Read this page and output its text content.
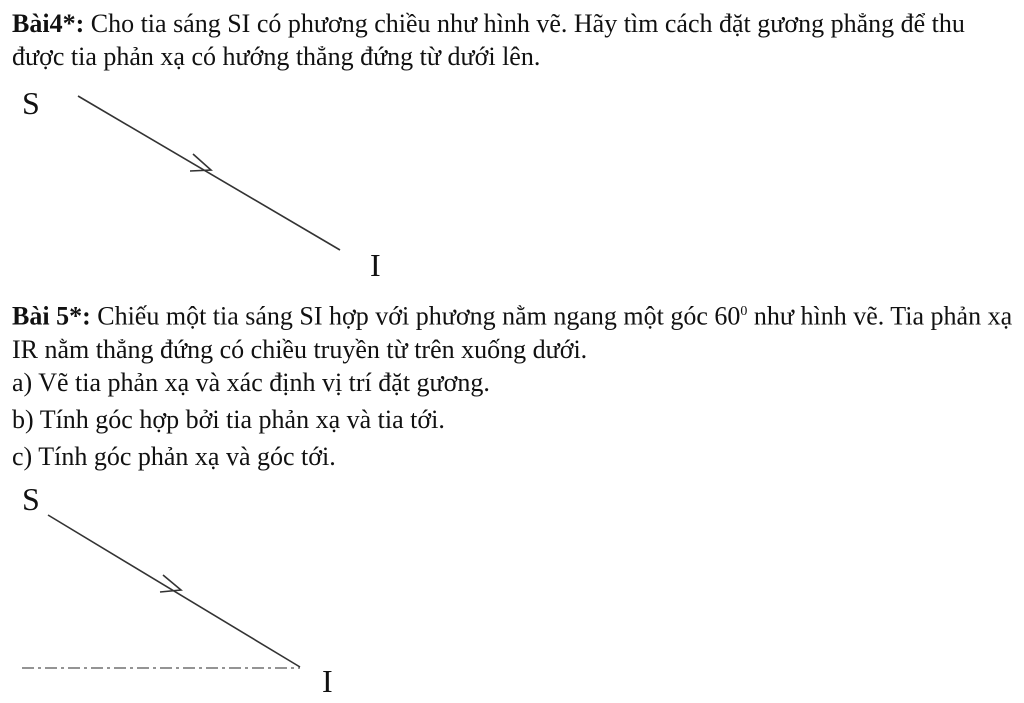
Bài4*: Cho tia sáng SI có phương chiều như hình vẽ. Hãy tìm cách đặt gương phẳng để thu được tia phản xạ có hướng thẳng đứng từ dưới lên.

S
I

Bài 5*: Chiếu một tia sáng SI hợp với phương nằm ngang một góc $60^0$ như hình vẽ. Tia phản xạ IR nằm thẳng đứng có chiều truyền từ trên xuống dưới.

a) Vẽ tia phản xạ và xác định vị trí đặt gương.

b) Tính góc hợp bởi tia phản xạ và tia tới.

c) Tính góc phản xạ và góc tới.

S
I
